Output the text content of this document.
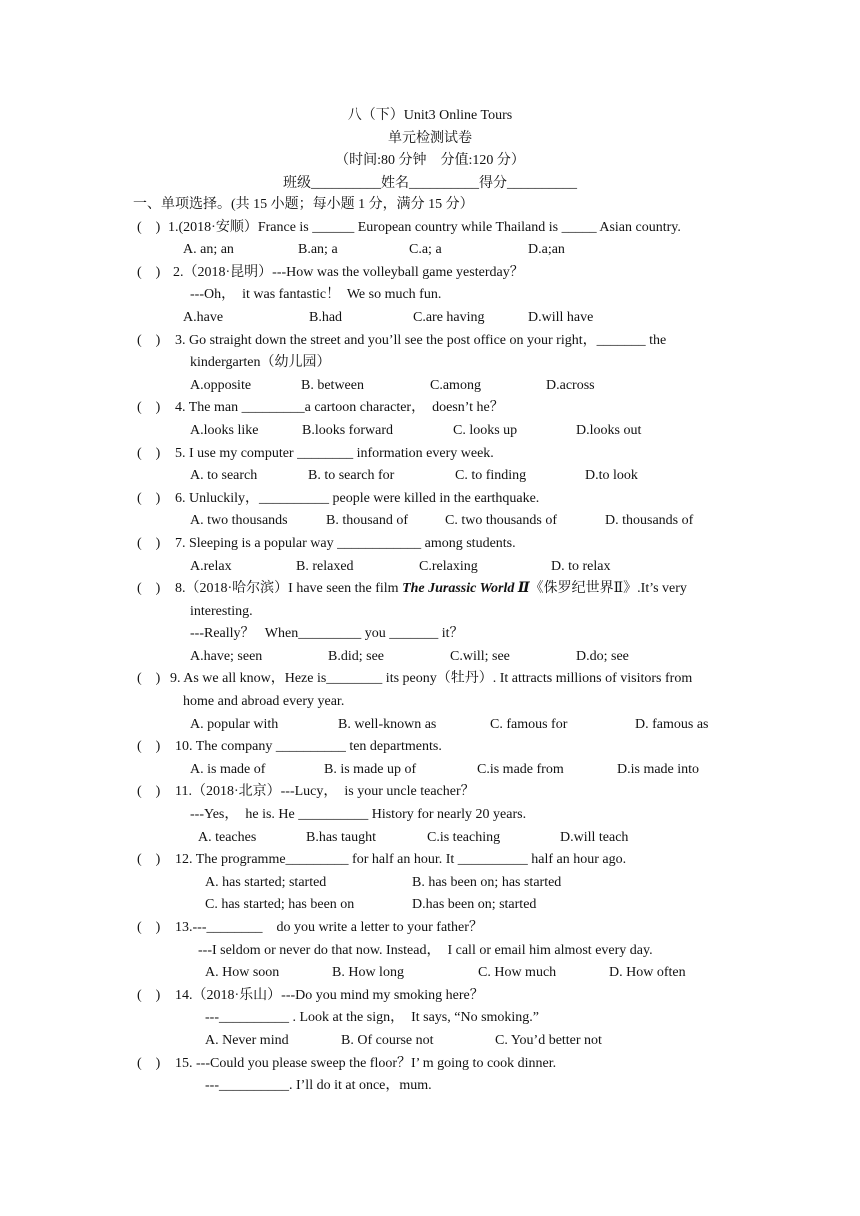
八（下）Unit3 Online Tours
单元检测试卷
（时间:80 分钟　分值:120 分）
班级__________姓名__________得分__________
一、单项选择。(共 15 小题；每小题 1 分，满分 15 分）
(　) 1.(2018·安顺）France is ______ European country while Thailand is _____ Asian country.
A. an; an	B.an; a	C.a; a	D.a;an
(　) 2.（2018·昆明）---How was the volleyball game yesterday？
---Oh，  it was fantastic！  We so much fun.
A.have	B.had	C.are having	D.will have
(　) 3. Go straight down the street and you’ll see the post office on your right，_______ the
kindergarten（幼儿园）
A.opposite	B. between	C.among	D.across
(　) 4. The man _________a cartoon character，  doesn’t he？
A.looks like	B.looks forward	C. looks up	D.looks out
(　) 5. I use my computer ________ information every week.
A. to search	B. to search for	C. to finding	D.to look
(　) 6. Unluckily，__________ people were killed in the earthquake.
A. two thousands	B. thousand of	C. two thousands of	D. thousands of
(　) 7. Sleeping is a popular way ____________ among students.
A.relax	B. relaxed	C.relaxing	D. to relax
(　) 8.（2018·哈尔滨）I have seen the film The Jurassic World Ⅱ《侏罗纪世界Ⅱ》.It’s very
interesting.
---Really？   When_________ you _______ it？
A.have; seen	B.did; see	C.will; see	D.do; see
(　) 9. As we all know，Heze is________ its peony（牡丹）. It attracts millions of visitors from
home and abroad every year.
A. popular with	B. well-known as	C. famous for	D. famous as
(　) 10. The company __________ ten departments.
A. is made of	B. is made up of	C.is made from	D.is made into
(　) 11.（2018·北京）---Lucy，  is your uncle teacher？
---Yes，  he is. He __________ History for nearly 20 years.
A. teaches	B.has taught	C.is teaching	D.will teach
(　) 12. The programme_________ for half an hour. It __________ half an hour ago.
A. has started; started	B. has been on; has started
C. has started; has been on	D.has been on; started
(　) 13.---________    do you write a letter to your father？
---I seldom or never do that now. Instead，  I call or email him almost every day.
A. How soon	B. How long	C. How much	D. How often
(　) 14.（2018·乐山）---Do you mind my smoking here？
---__________ . Look at the sign，  It says, “No smoking.”
A. Never mind	B. Of course not	C. You’d better not
(　) 15. ---Could you please sweep the floor？I’ m going to cook dinner.
---__________. I’ll do it at once，mum.
